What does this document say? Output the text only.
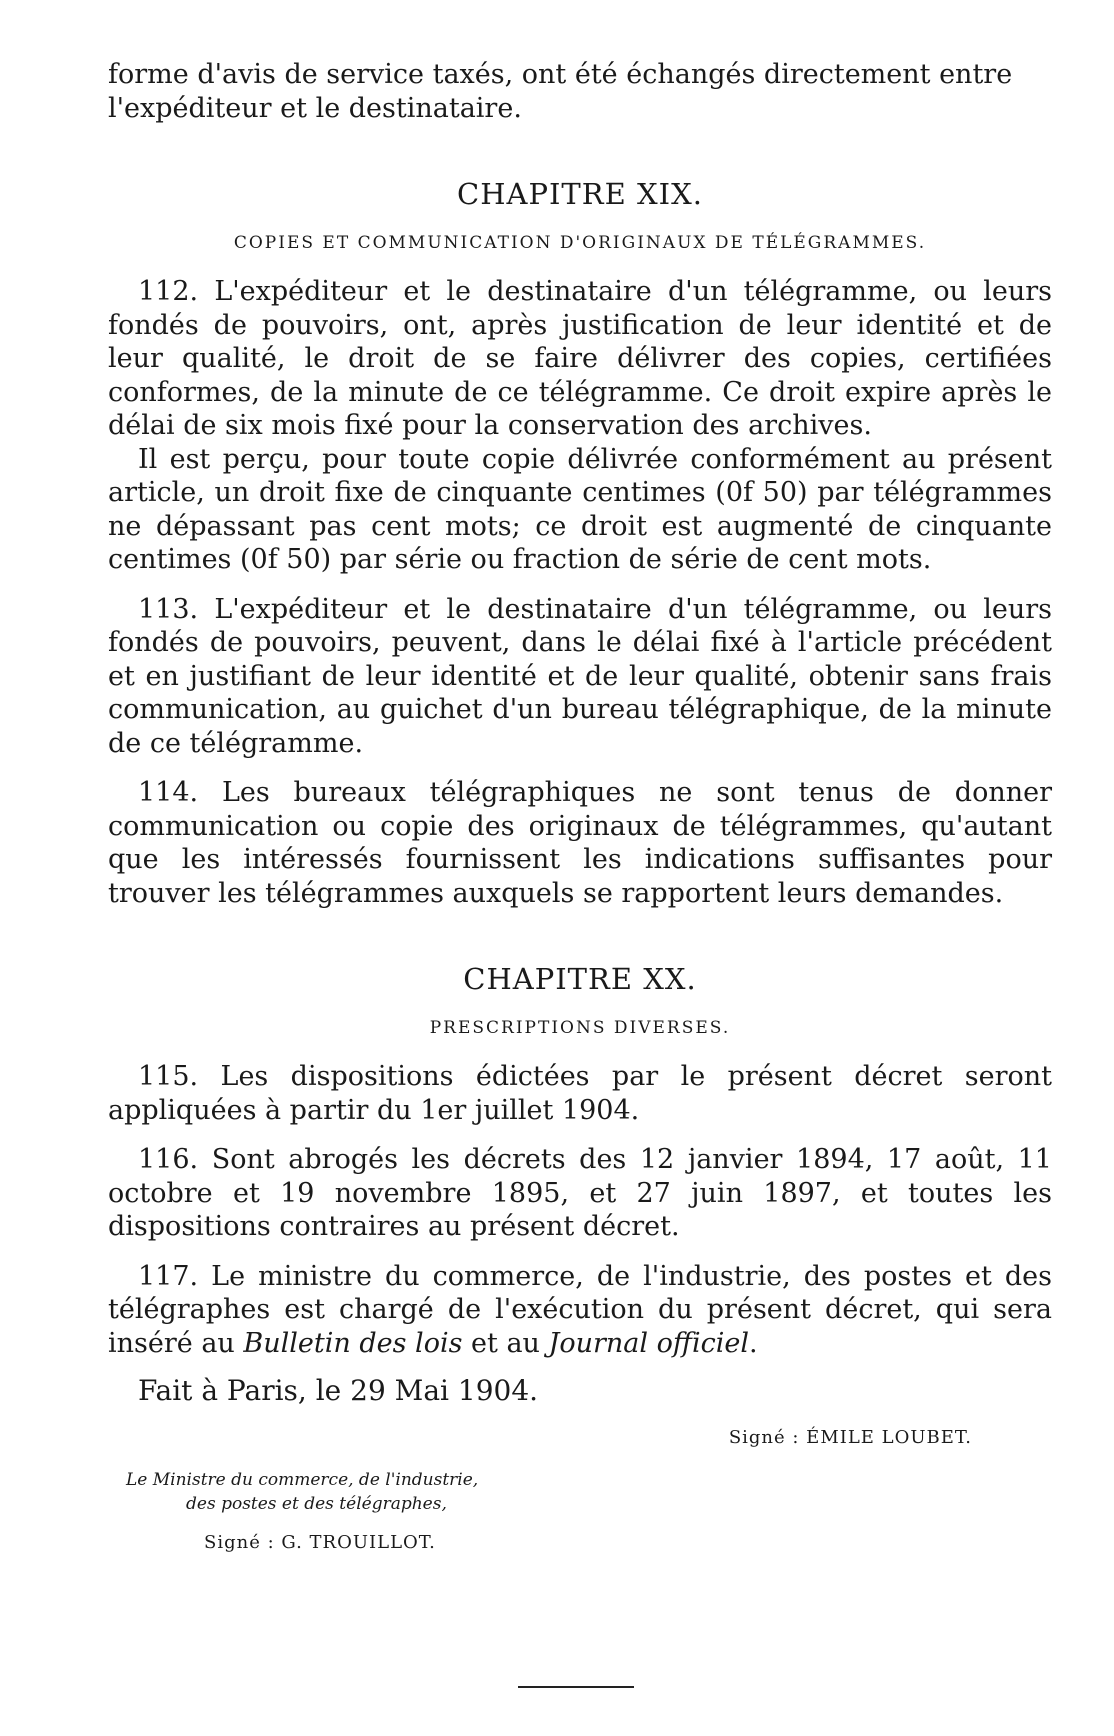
forme d'avis de service taxés, ont été échangés directement entre
l'expéditeur et le destinataire.

CHAPITRE XIX.
COPIES ET COMMUNICATION D'ORIGINAUX DE TÉLÉGRAMMES.

112. L'expéditeur et le destinataire d'un télégramme, ou leurs fondés de pouvoirs, ont, après justification de leur identité et de leur qualité, le droit de se faire délivrer des copies, certifiées conformes, de la minute de ce télégramme. Ce droit expire après le délai de six mois fixé pour la conservation des archives.

Il est perçu, pour toute copie délivrée conformément au présent article, un droit fixe de cinquante centimes (0f 50) par télégrammes ne dépassant pas cent mots; ce droit est augmenté de cinquante centimes (0f 50) par série ou fraction de série de cent mots.

113. L'expéditeur et le destinataire d'un télégramme, ou leurs fondés de pouvoirs, peuvent, dans le délai fixé à l'article précédent et en justifiant de leur identité et de leur qualité, obtenir sans frais communication, au guichet d'un bureau télégraphique, de la minute de ce télégramme.

114. Les bureaux télégraphiques ne sont tenus de donner communication ou copie des originaux de télégrammes, qu'autant que les intéressés fournissent les indications suffisantes pour trouver les télégrammes auxquels se rapportent leurs demandes.

CHAPITRE XX.
PRESCRIPTIONS DIVERSES.

115. Les dispositions édictées par le présent décret seront appliquées à partir du 1er juillet 1904.

116. Sont abrogés les décrets des 12 janvier 1894, 17 août, 11 octobre et 19 novembre 1895, et 27 juin 1897, et toutes les dispositions contraires au présent décret.

117. Le ministre du commerce, de l'industrie, des postes et des télégraphes est chargé de l'exécution du présent décret, qui sera inséré au Bulletin des lois et au Journal officiel.

Fait à Paris, le 29 Mai 1904.

Signé : ÉMILE LOUBET.

Le Ministre du commerce, de l'industrie,
des postes et des télégraphes,

Signé : G. TROUILLOT.
